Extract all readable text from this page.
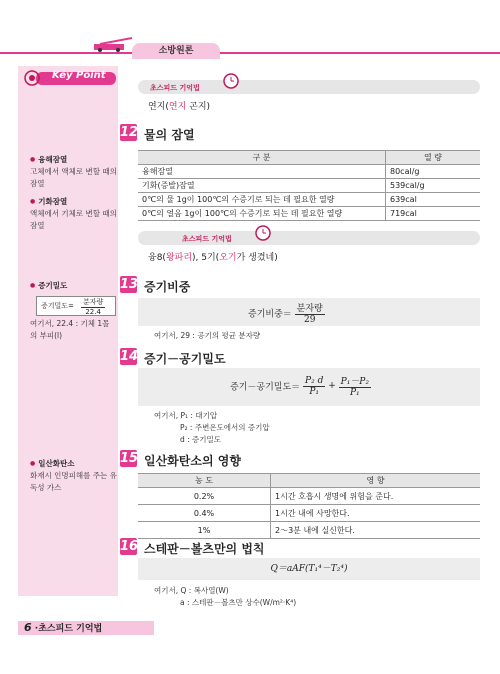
소방원론
Key Point
● 융해잠열
고체에서 액체로 변할 때의 잠열
● 기화잠열
액체에서 기체로 변할 때의 잠열
● 증기밀도
증기밀도= 분자량
22.4
여기서, 22.4 : 기체 1몰의 부피(l)
● 일산화탄소
화재시 인명피해를 주는 유독성 가스
초스피드 기억법
연지(연지 곤지)
12 물의 잠열
구 분	열 량
융해잠열	80cal/g
기화(증발)잠열	539cal/g
0℃의 물 1g이 100℃의 수증기로 되는 데 필요한 열량	639cal
0℃의 얼음 1g이 100℃의 수증기로 되는 데 필요한 열량	719cal
초스피드 기억법
융8(왕파리), 5기(오기가 생겼네)
13 증기비중
증기비중＝ $\frac{\text{분자량}}{29}$
여기서, 29 : 공기의 평균 분자량
14 증기－공기밀도
증기－공기밀도＝ $\frac{\text{P₂ d}}{\text{P₁}} + \frac{\text{P₁－P₂}}{\text{P₁}}$
여기서, P₁ : 대기압
P₂ : 주변온도에서의 증기압
d : 증기밀도
15 일산화탄소의 영향
농 도	영 향
0.2%	1시간 호흡시 생명에 위험을 준다.
0.4%	1시간 내에 사망한다.
1%	2～3분 내에 실신한다.
16 스테판－볼츠만의 법칙
Q＝aAF(T₁⁴－T₂⁴)
여기서, Q : 복사열(W)
a : 스테판－볼츠만 상수(W/m²·K⁴)
6 ·초스피드 기억법
